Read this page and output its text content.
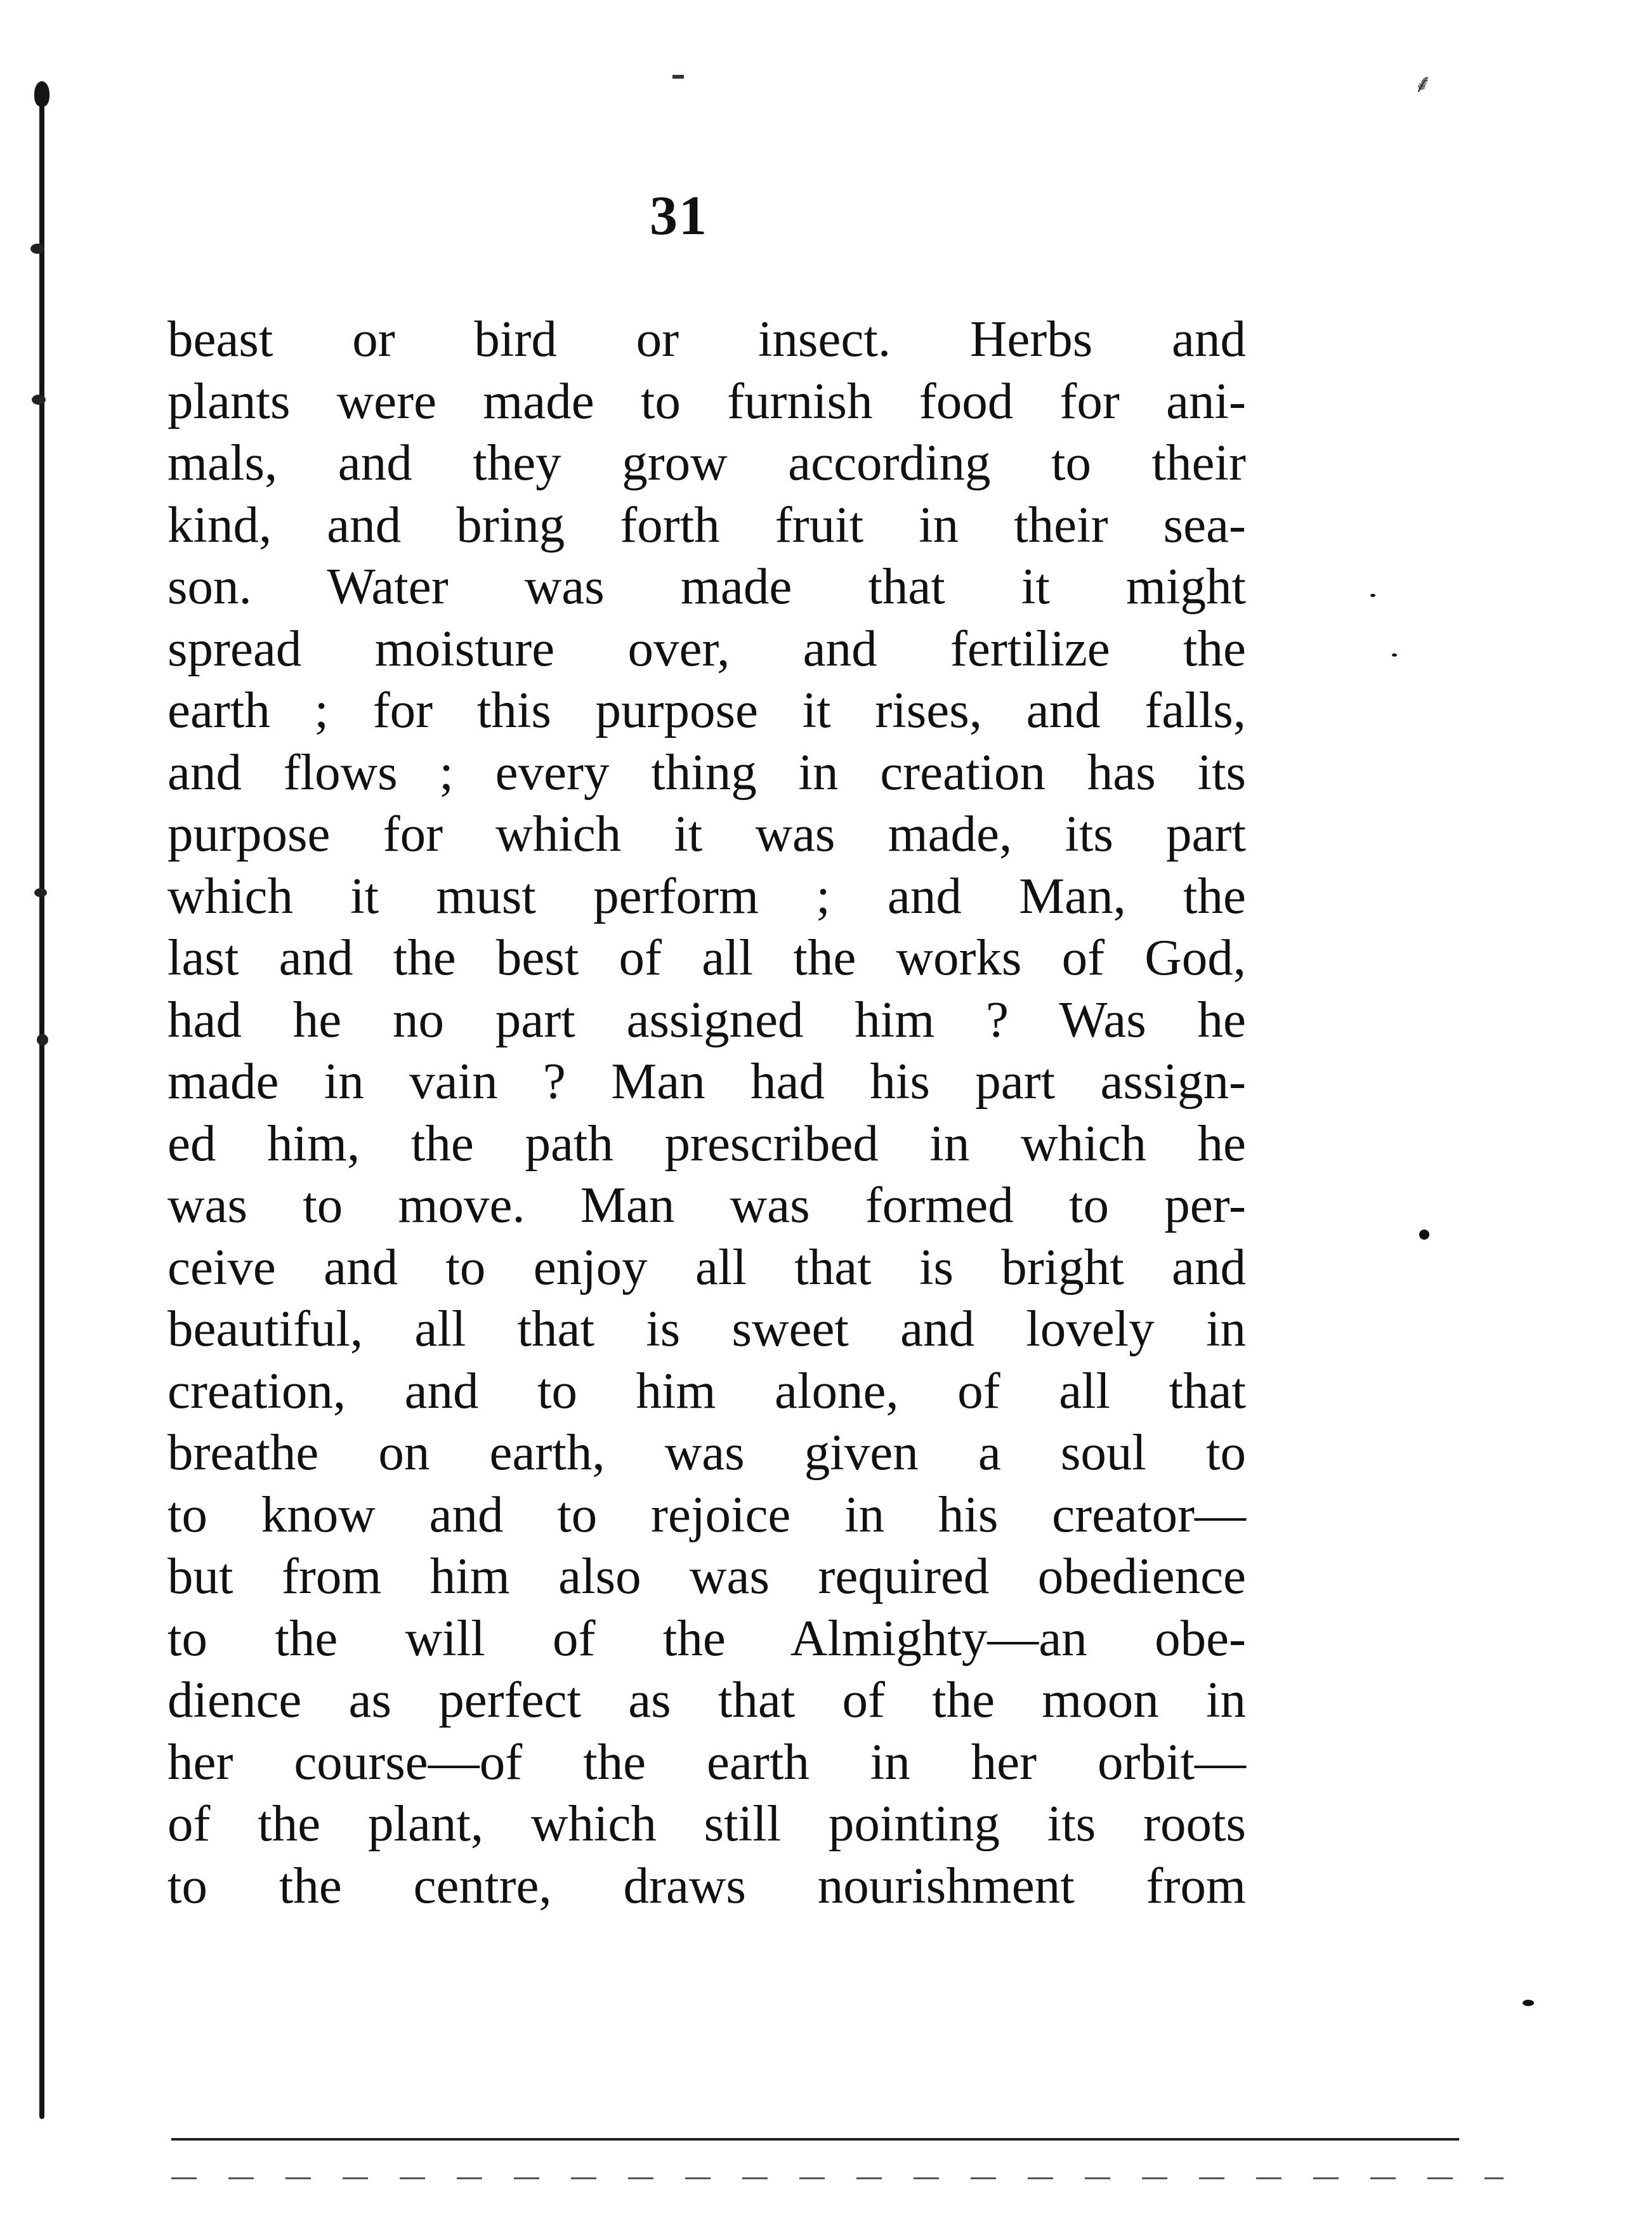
⸙
31
beast or bird or insect. Herbs and
plants were made to furnish food for ani-
mals, and they grow according to their
kind, and bring forth fruit in their sea-
son. Water was made that it might
spread moisture over, and fertilize the
earth ; for this purpose it rises, and falls,
and flows ; every thing in creation has its
purpose for which it was made, its part
which it must perform ; and Man, the
last and the best of all the works of God,
had he no part assigned him ? Was he
made in vain ? Man had his part assign-
ed him, the path prescribed in which he
was to move. Man was formed to per-
ceive and to enjoy all that is bright and
beautiful, all that is sweet and lovely in
creation, and to him alone, of all that
breathe on earth, was given a soul to
to know and to rejoice in his creator—
but from him also was required obedience
to the will of the Almighty—an obe-
dience as perfect as that of the moon in
her course—of the earth in her orbit—
of the plant, which still pointing its roots
to the centre, draws nourishment from
